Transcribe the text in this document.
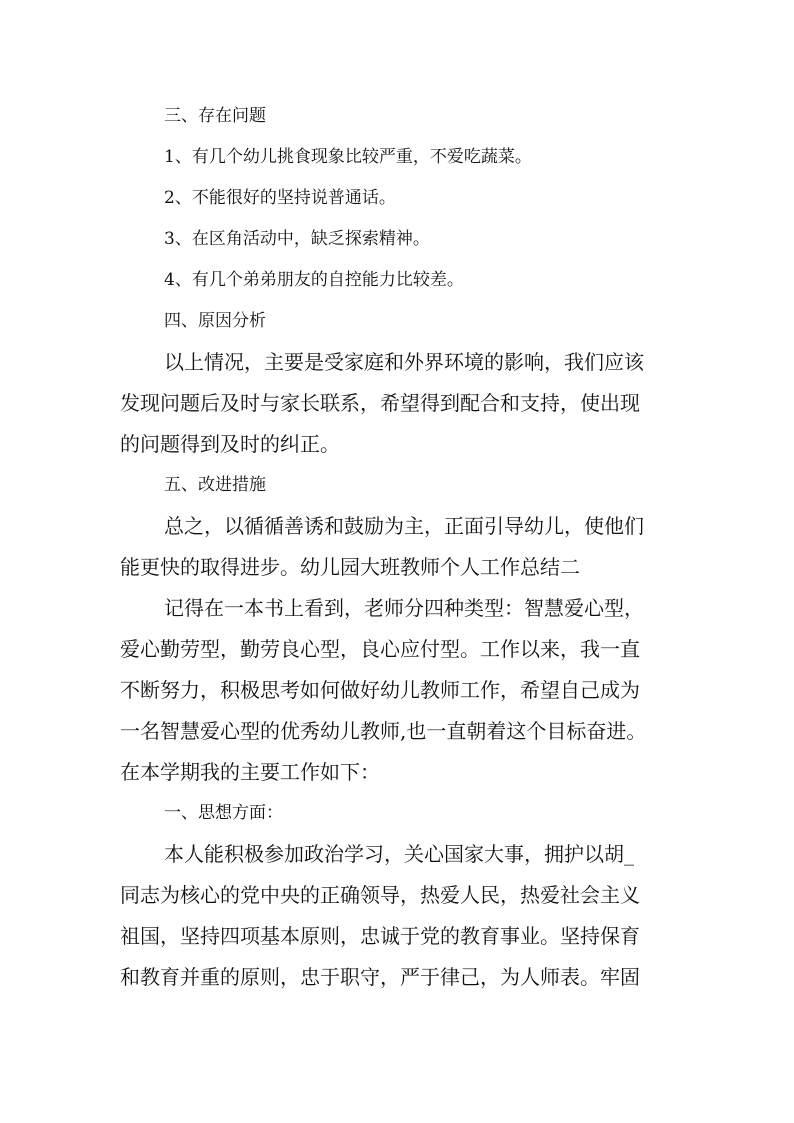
三、存在问题
1、有几个幼儿挑食现象比较严重，不爱吃蔬菜。
2、不能很好的坚持说普通话。
3、在区角活动中，缺乏探索精神。
4、有几个弟弟朋友的自控能力比较差。
四、原因分析

以上情况，主要是受家庭和外界环境的影响，我们应该
发现问题后及时与家长联系，希望得到配合和支持，使出现
的问题得到及时的纠正。

五、改进措施

总之，以循循善诱和鼓励为主，正面引导幼儿，使他们
能更快的取得进步。幼儿园大班教师个人工作总结二

记得在一本书上看到，老师分四种类型：智慧爱心型，
爱心勤劳型，勤劳良心型，良心应付型。工作以来，我一直
不断努力，积极思考如何做好幼儿教师工作，希望自己成为
一名智慧爱心型的优秀幼儿教师,也一直朝着这个目标奋进。
在本学期我的主要工作如下：

一、思想方面：

本人能积极参加政治学习，关心国家大事，拥护以胡_
同志为核心的党中央的正确领导，热爱人民，热爱社会主义
祖国，坚持四项基本原则，忠诚于党的教育事业。坚持保育
和教育并重的原则，忠于职守，严于律己，为人师表。牢固
